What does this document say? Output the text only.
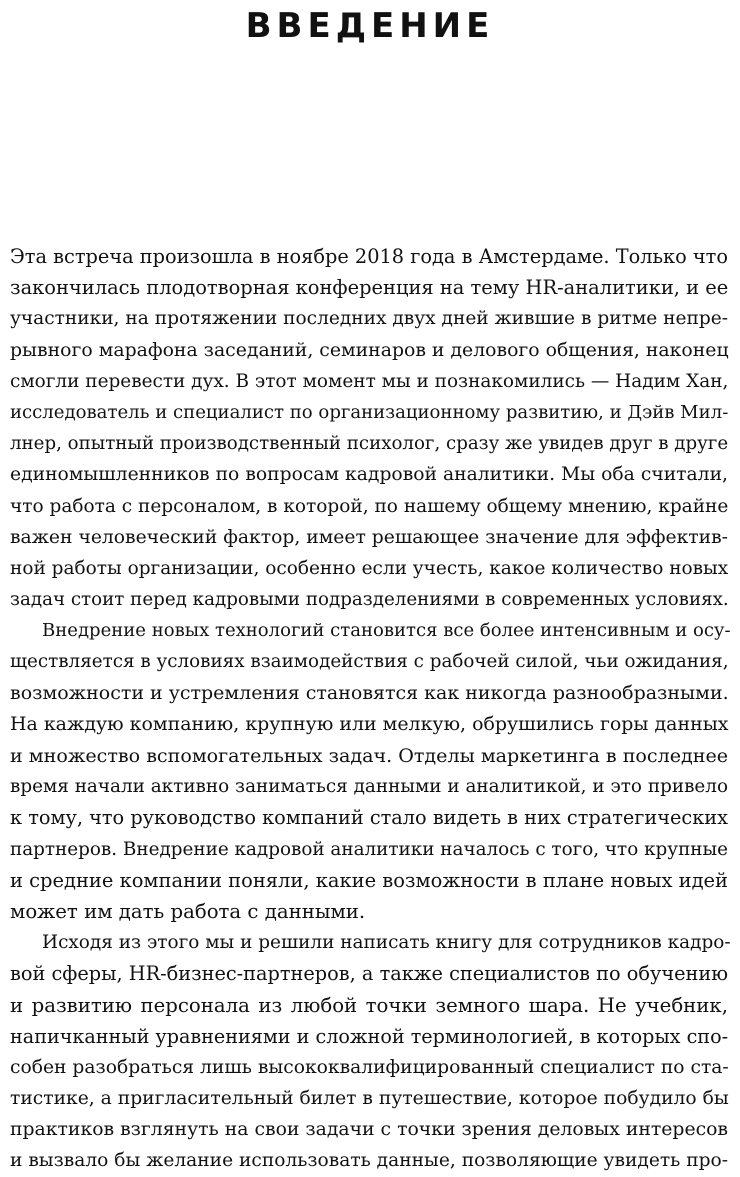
ВВЕДЕНИЕ
Эта встреча произошла в ноябре 2018 года в Амстердаме. Только что
закончилась плодотворная конференция на тему HR-аналитики, и ее
участники, на протяжении последних двух дней жившие в ритме непре-
рывного марафона заседаний, семинаров и делового общения, наконец
смогли перевести дух. В этот момент мы и познакомились — Надим Хан,
исследователь и специалист по организационному развитию, и Дэйв Мил-
лнер, опытный производственный психолог, сразу же увидев друг в друге
единомышленников по вопросам кадровой аналитики. Мы оба считали,
что работа с персоналом, в которой, по нашему общему мнению, крайне
важен человеческий фактор, имеет решающее значение для эффектив-
ной работы организации, особенно если учесть, какое количество новых
задач стоит перед кадровыми подразделениями в современных условиях.
Внедрение новых технологий становится все более интенсивным и осу-
ществляется в условиях взаимодействия с рабочей силой, чьи ожидания,
возможности и устремления становятся как никогда разнообразными.
На каждую компанию, крупную или мелкую, обрушились горы данных
и множество вспомогательных задач. Отделы маркетинга в последнее
время начали активно заниматься данными и аналитикой, и это привело
к тому, что руководство компаний стало видеть в них стратегических
партнеров. Внедрение кадровой аналитики началось с того, что крупные
и средние компании поняли, какие возможности в плане новых идей
может им дать работа с данными.
Исходя из этого мы и решили написать книгу для сотрудников кадро-
вой сферы, HR-бизнес-партнеров, а также специалистов по обучению
и развитию персонала из любой точки земного шара. Не учебник,
напичканный уравнениями и сложной терминологией, в которых спо-
собен разобраться лишь высококвалифицированный специалист по ста-
тистике, а пригласительный билет в путешествие, которое побудило бы
практиков взглянуть на свои задачи с точки зрения деловых интересов
и вызвало бы желание использовать данные, позволяющие увидеть про-
